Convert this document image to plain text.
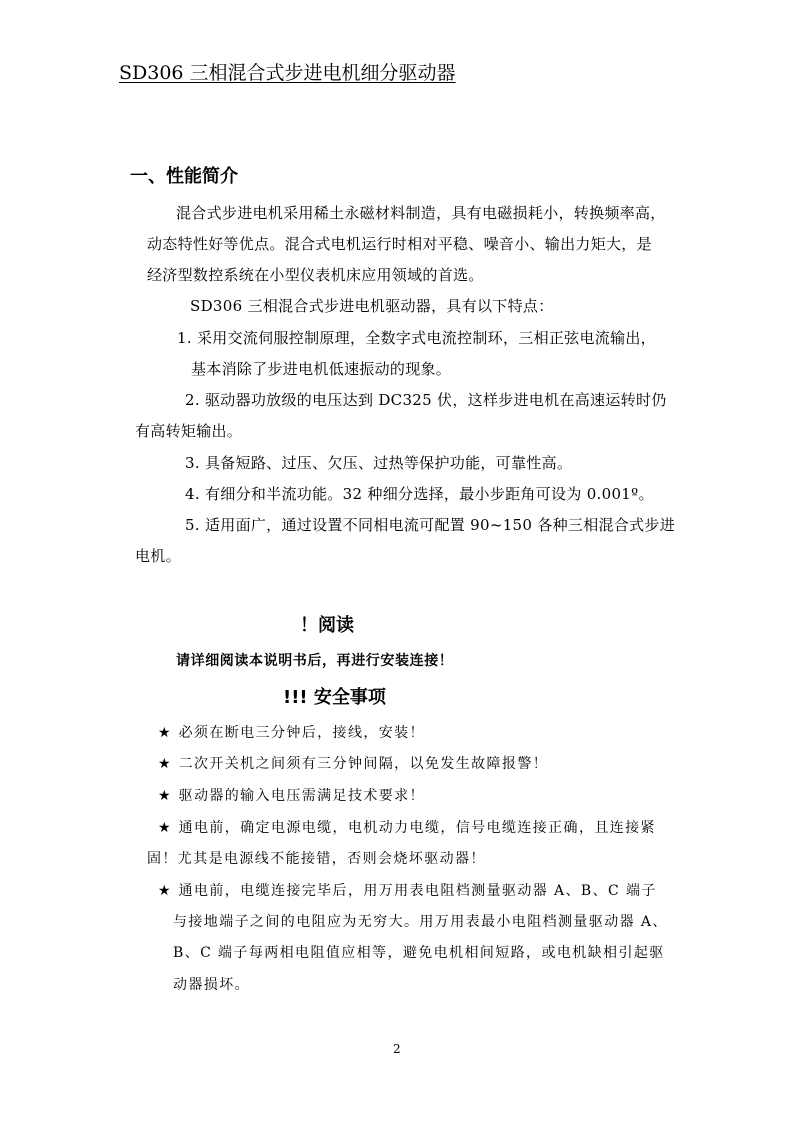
SD306 三相混合式步进电机细分驱动器
一、性能简介
混合式步进电机采用稀土永磁材料制造，具有电磁损耗小，转换频率高，
动态特性好等优点。混合式电机运行时相对平稳、噪音小、输出力矩大，是
经济型数控系统在小型仪表机床应用领域的首选。
SD306 三相混合式步进电机驱动器，具有以下特点：
1. 采用交流伺服控制原理，全数字式电流控制环，三相正弦电流输出，
基本消除了步进电机低速振动的现象。
2. 驱动器功放级的电压达到 DC325 伏，这样步进电机在高速运转时仍
有高转矩输出。
3. 具备短路、过压、欠压、过热等保护功能，可靠性高。
4. 有细分和半流功能。32 种细分选择，最小步距角可设为 0.001º。
5. 适用面广，通过设置不同相电流可配置 90~150 各种三相混合式步进
电机。
！阅读
请详细阅读本说明书后，再进行安装连接！
!!! 安全事项
★ 必须在断电三分钟后，接线，安装！
★ 二次开关机之间须有三分钟间隔，以免发生故障报警！
★ 驱动器的输入电压需满足技术要求！
★ 通电前，确定电源电缆，电机动力电缆，信号电缆连接正确，且连接紧
固！尤其是电源线不能接错，否则会烧坏驱动器！
★ 通电前，电缆连接完毕后，用万用表电阻档测量驱动器 A、B、C 端子
与接地端子之间的电阻应为无穷大。用万用表最小电阻档测量驱动器 A、
B、C 端子每两相电阻值应相等，避免电机相间短路，或电机缺相引起驱
动器损坏。
2
